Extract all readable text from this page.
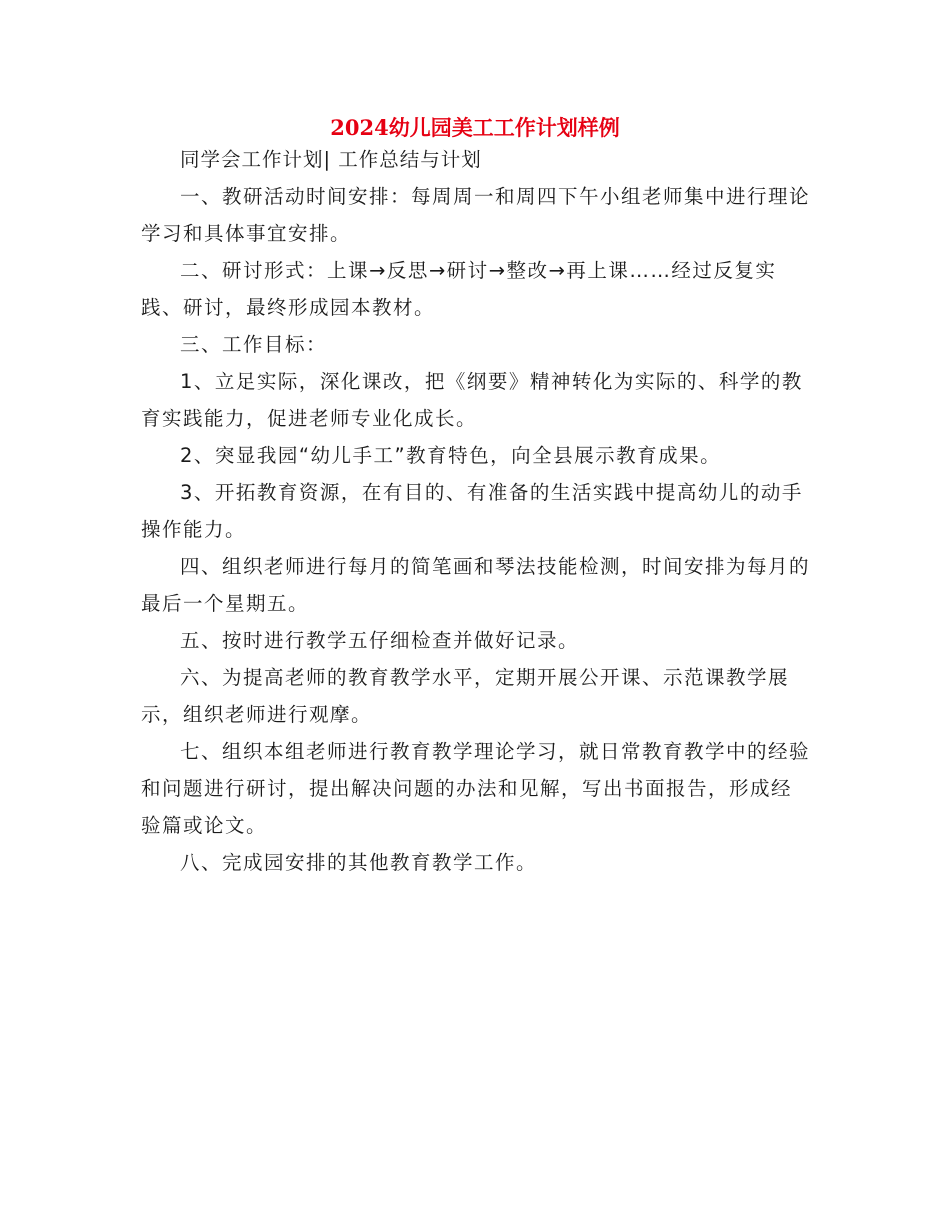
2024幼儿园美工工作计划样例

同学会工作计划| 工作总结与计划

一、教研活动时间安排：每周周一和周四下午小组老师集中进行理论学习和具体事宜安排。

二、研讨形式：上课→反思→研讨→整改→再上课……经过反复实践、研讨，最终形成园本教材。

三、工作目标：

1、立足实际，深化课改，把《纲要》精神转化为实际的、科学的教育实践能力，促进老师专业化成长。

2、突显我园“幼儿手工”教育特色，向全县展示教育成果。

3、开拓教育资源，在有目的、有准备的生活实践中提高幼儿的动手操作能力。

四、组织老师进行每月的简笔画和琴法技能检测，时间安排为每月的最后一个星期五。

五、按时进行教学五仔细检查并做好记录。

六、为提高老师的教育教学水平，定期开展公开课、示范课教学展示，组织老师进行观摩。

七、组织本组老师进行教育教学理论学习，就日常教育教学中的经验和问题进行研讨，提出解决问题的办法和见解，写出书面报告，形成经验篇或论文。

八、完成园安排的其他教育教学工作。
